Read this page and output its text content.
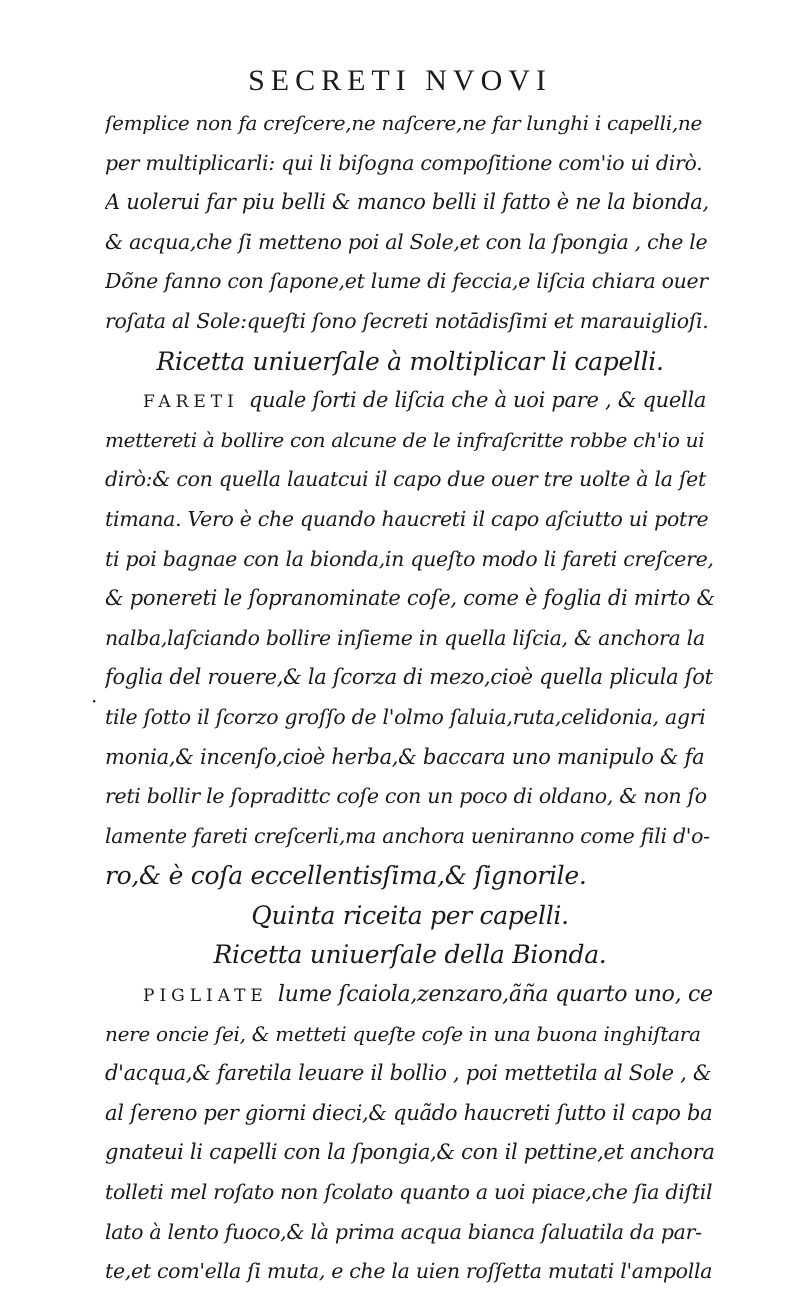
SECRETI NVOVI
·
ſemplice non fa creſcere,ne naſcere,ne far lunghi i capelli,ne
per multiplicarli: qui li biſogna compoſitione com'io ui dirò.
A uolerui far piu belli & manco belli il fatto è ne la bionda,
& acqua,che ſi metteno poi al Sole,et con la ſpongia , che le
Dõne fanno con ſapone,et lume di feccia,e liſcia chiara ouer
roſata al Sole:queſti ſono ſecreti notādisſimi et marauiglioſi.
Ricetta uniuerſale à moltiplicar li capelli.
FARETI quale ſorti de liſcia che à uoi pare , & quella
mettereti à bollire con alcune de le infraſcritte robbe ch'io ui
dirò:& con quella lauatcui il capo due ouer tre uolte à la ſet
timana. Vero è che quando haucreti il capo aſciutto ui potre
ti poi bagnae con la bionda,in queſto modo li fareti creſcere,
& ponereti le ſopranominate coſe, come è foglia di mirto &
nalba,laſciando bollire inſieme in quella liſcia, & anchora la
foglia del rouere,& la ſcorza di mezo,cioè quella plicula ſot
tile ſotto il ſcorzo groſſo de l'olmo ſaluia,ruta,celidonia, agri
monia,& incenſo,cioè herba,& baccara uno manipulo & fa
reti bollir le ſopradittc coſe con un poco di oldano, & non ſo
lamente fareti creſcerli,ma anchora ueniranno come fili d'o-
ro,& è coſa eccellentisſima,& ſignorile.
Quinta riceita per capelli.
Ricetta uniuerſale della Bionda.
PIGLIATE lume ſcaiola,zenzaro,ãña quarto uno, ce
nere oncie ſei, & metteti queſte coſe in una buona inghiſtara
d'acqua,& faretila leuare il bollio , poi mettetila al Sole , &
al ſereno per giorni dieci,& quãdo haucreti ſutto il capo ba
gnateui li capelli con la ſpongia,& con il pettine,et anchora
tolleti mel roſato non ſcolato quanto a uoi piace,che ſia diſtil
lato à lento fuoco,& là prima acqua bianca ſaluatila da par-
te,et com'ella ſi muta, e che la uien roſſetta mutati l'ampolla
